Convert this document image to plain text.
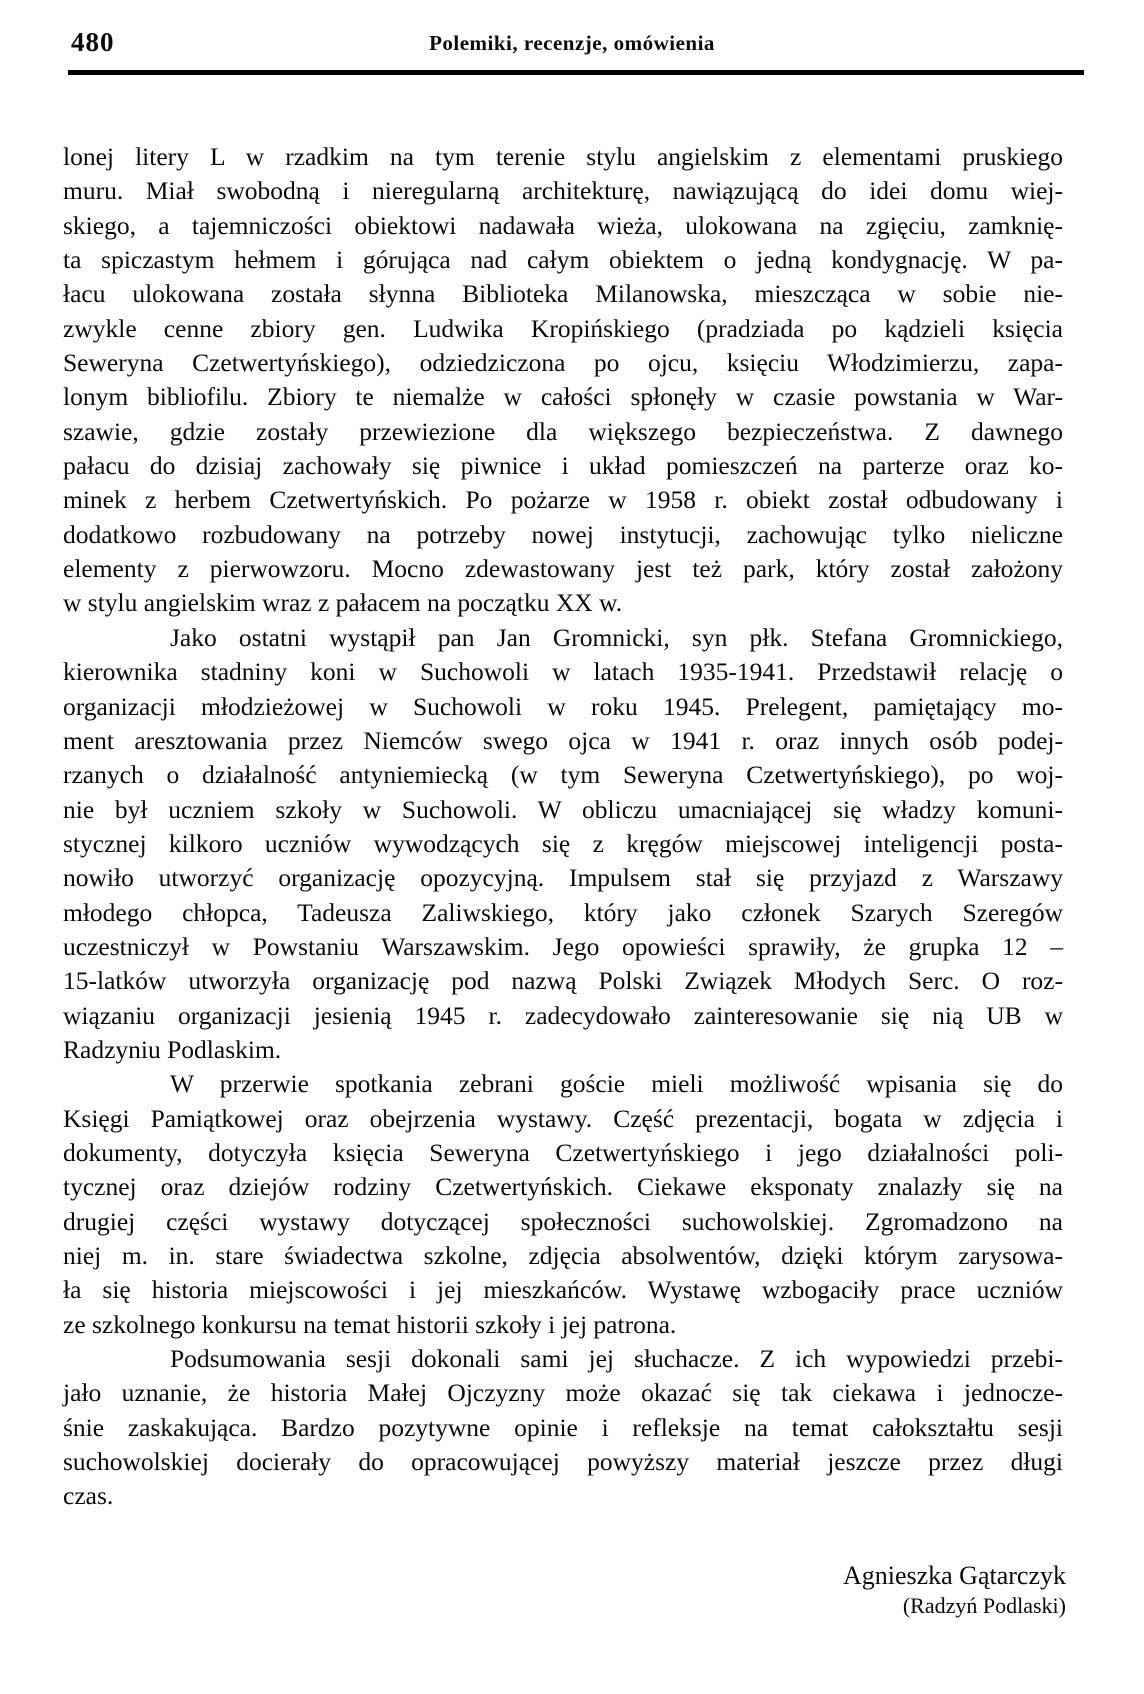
480	Polemiki, recenzje, omówienia
lonej litery L w rzadkim na tym terenie stylu angielskim z elementami pruskiego
muru. Miał swobodną i nieregularną architekturę, nawiązującą do idei domu wiej-
skiego, a tajemniczości obiektowi nadawała wieża, ulokowana na zgięciu, zamknię-
ta spiczastym hełmem i górująca nad całym obiektem o jedną kondygnację. W pa-
łacu ulokowana została słynna Biblioteka Milanowska, mieszcząca w sobie nie-
zwykle cenne zbiory gen. Ludwika Kropińskiego (pradziada po kądzieli księcia
Seweryna Czetwertyńskiego), odziedziczona po ojcu, księciu Włodzimierzu, zapa-
lonym bibliofilu. Zbiory te niemalże w całości spłonęły w czasie powstania w War-
szawie, gdzie zostały przewiezione dla większego bezpieczeństwa. Z dawnego
pałacu do dzisiaj zachowały się piwnice i układ pomieszczeń na parterze oraz ko-
minek z herbem Czetwertyńskich. Po pożarze w 1958 r. obiekt został odbudowany i
dodatkowo rozbudowany na potrzeby nowej instytucji, zachowując tylko nieliczne
elementy z pierwowzoru. Mocno zdewastowany jest też park, który został założony
w stylu angielskim wraz z pałacem na początku XX w.
Jako ostatni wystąpił pan Jan Gromnicki, syn płk. Stefana Gromnickiego,
kierownika stadniny koni w Suchowoli w latach 1935-1941. Przedstawił relację o
organizacji młodzieżowej w Suchowoli w roku 1945. Prelegent, pamiętający mo-
ment aresztowania przez Niemców swego ojca w 1941 r. oraz innych osób podej-
rzanych o działalność antyniemiecką (w tym Seweryna Czetwertyńskiego), po woj-
nie był uczniem szkoły w Suchowoli. W obliczu umacniającej się władzy komuni-
stycznej kilkoro uczniów wywodzących się z kręgów miejscowej inteligencji posta-
nowiło utworzyć organizację opozycyjną. Impulsem stał się przyjazd z Warszawy
młodego chłopca, Tadeusza Zaliwskiego, który jako członek Szarych Szeregów
uczestniczył w Powstaniu Warszawskim. Jego opowieści sprawiły, że grupka 12 –
15-latków utworzyła organizację pod nazwą Polski Związek Młodych Serc. O roz-
wiązaniu organizacji jesienią 1945 r. zadecydowało zainteresowanie się nią UB w
Radzyniu Podlaskim.
W przerwie spotkania zebrani goście mieli możliwość wpisania się do
Księgi Pamiątkowej oraz obejrzenia wystawy. Część prezentacji, bogata w zdjęcia i
dokumenty, dotyczyła księcia Seweryna Czetwertyńskiego i jego działalności poli-
tycznej oraz dziejów rodziny Czetwertyńskich. Ciekawe eksponaty znalazły się na
drugiej części wystawy dotyczącej społeczności suchowolskiej. Zgromadzono na
niej m. in. stare świadectwa szkolne, zdjęcia absolwentów, dzięki którym zarysowa-
ła się historia miejscowości i jej mieszkańców. Wystawę wzbogaciły prace uczniów
ze szkolnego konkursu na temat historii szkoły i jej patrona.
Podsumowania sesji dokonali sami jej słuchacze. Z ich wypowiedzi przebi-
jało uznanie, że historia Małej Ojczyzny może okazać się tak ciekawa i jednocze-
śnie zaskakująca. Bardzo pozytywne opinie i refleksje na temat całokształtu sesji
suchowolskiej docierały do opracowującej powyższy materiał jeszcze przez długi
czas.
Agnieszka Gątarczyk
(Radzyń Podlaski)
